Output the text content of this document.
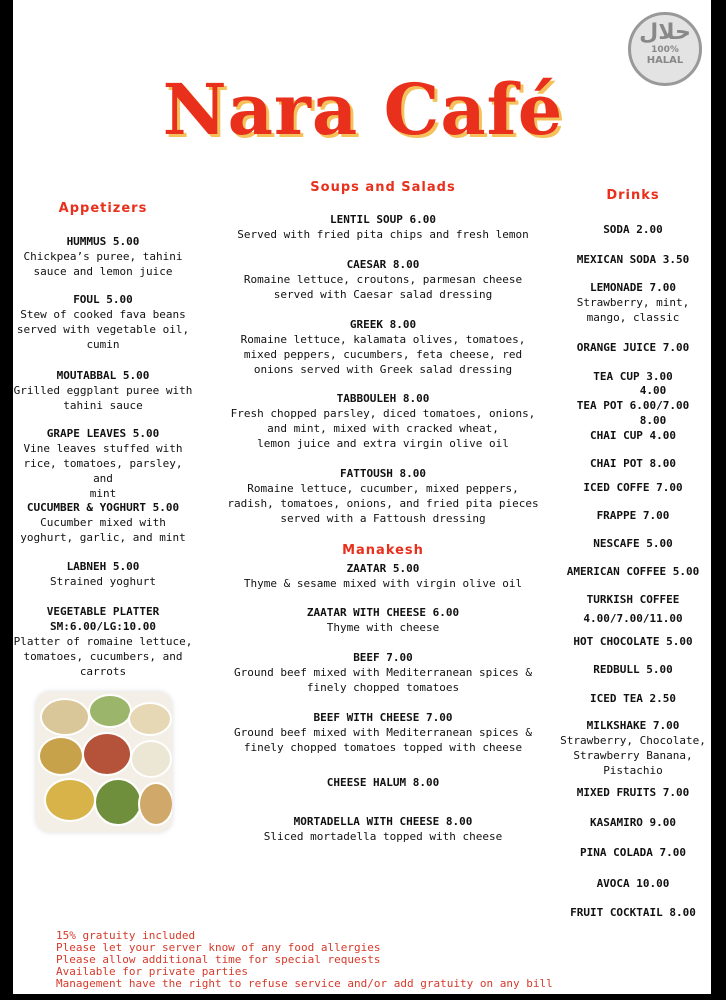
حلال
100%
HALAL
Nara Café
Appetizers
HUMMUS 5.00
Chickpea’s puree, tahini
sauce and lemon juice
FOUL 5.00
Stew of cooked fava beans
served with vegetable oil,
cumin
MOUTABBAL 5.00
Grilled eggplant puree with
tahini sauce
GRAPE LEAVES 5.00
Vine leaves stuffed with
rice, tomatoes, parsley, and
mint
CUCUMBER & YOGHURT 5.00
Cucumber mixed with
yoghurt, garlic, and mint
LABNEH 5.00
Strained yoghurt
VEGETABLE PLATTER SM:6.00/LG:10.00
Platter of romaine lettuce,
tomatoes, cucumbers, and
carrots
Soups and Salads
LENTIL SOUP 6.00
Served with fried pita chips and fresh lemon
CAESAR 8.00
Romaine lettuce, croutons, parmesan cheese
served with Caesar salad dressing
GREEK 8.00
Romaine lettuce, kalamata olives, tomatoes,
mixed peppers, cucumbers, feta cheese, red
onions served with Greek salad dressing
TABBOULEH 8.00
Fresh chopped parsley, diced tomatoes, onions,
and mint, mixed with cracked wheat,
lemon juice and extra virgin olive oil
FATTOUSH 8.00
Romaine lettuce, cucumber, mixed peppers,
radish, tomatoes, onions, and fried pita pieces
served with a Fattoush dressing
Manakesh
ZAATAR 5.00
Thyme & sesame mixed with virgin olive oil
ZAATAR WITH CHEESE 6.00
Thyme with cheese
BEEF 7.00
Ground beef mixed with Mediterranean spices &
finely chopped tomatoes
BEEF WITH CHEESE 7.00
Ground beef mixed with Mediterranean spices &
finely chopped tomatoes topped with cheese
CHEESE HALUM 8.00
MORTADELLA WITH CHEESE 8.00
Sliced mortadella topped with cheese
Drinks
SODA 2.00
MEXICAN SODA 3.50
LEMONADE 7.00
Strawberry, mint,
mango, classic
ORANGE JUICE 7.00
TEA CUP 3.00
4.00
TEA POT 6.00/7.00
8.00
CHAI CUP 4.00
CHAI POT 8.00
ICED COFFE 7.00
FRAPPE 7.00
NESCAFE 5.00
AMERICAN COFFEE 5.00
TURKISH COFFEE
4.00/7.00/11.00
HOT CHOCOLATE 5.00
REDBULL 5.00
ICED TEA 2.50
MILKSHAKE 7.00
Strawberry, Chocolate,
Strawberry Banana,
Pistachio
MIXED FRUITS 7.00
KASAMIRO 9.00
PINA COLADA 7.00
AVOCA 10.00
FRUIT COCKTAIL 8.00
15% gratuity included
Please let your server know of any food allergies
Please allow additional time for special requests
Available for private parties
Management have the right to refuse service and/or add gratuity on any bill
